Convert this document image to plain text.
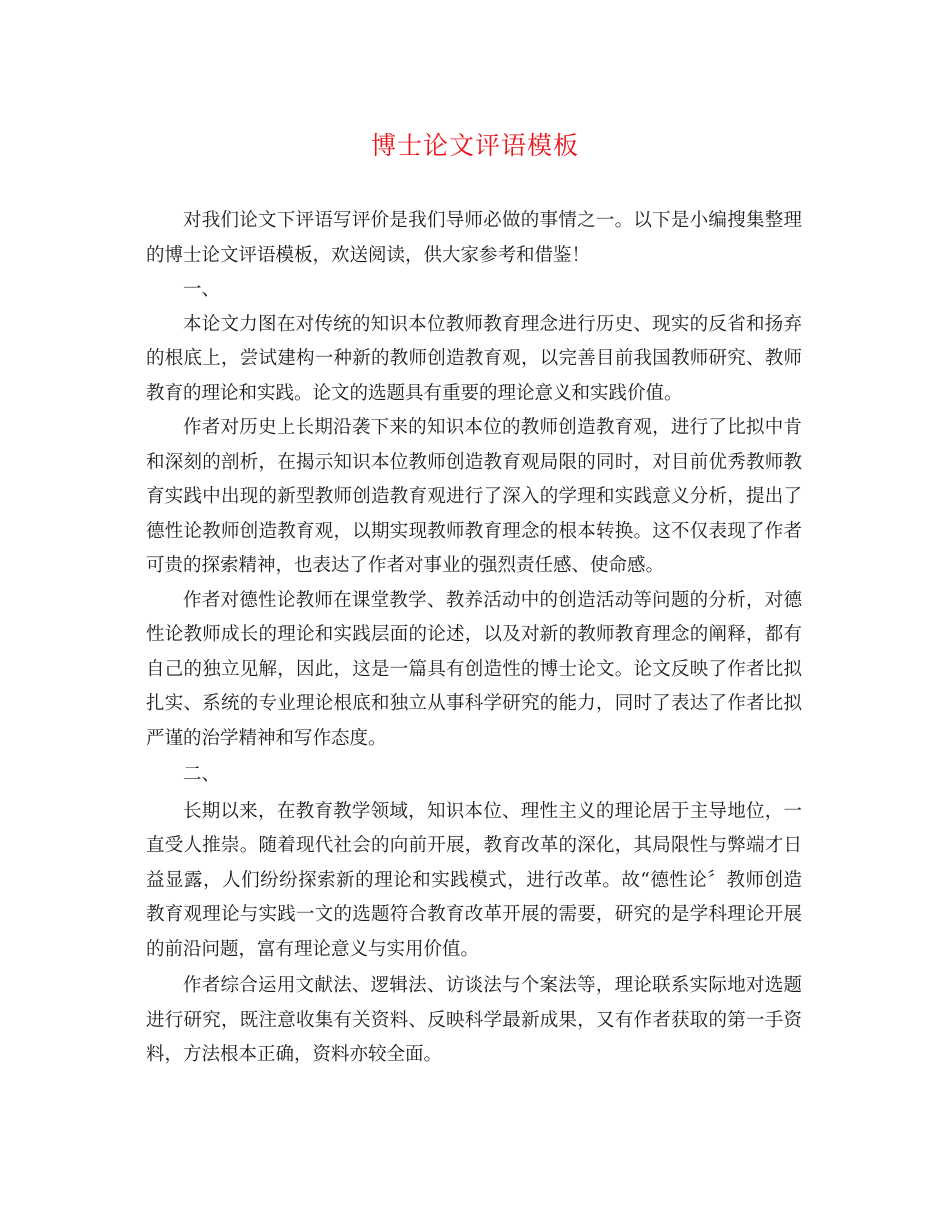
博士论文评语模板

对我们论文下评语写评价是我们导师必做的事情之一。以下是小编搜集整理的博士论文评语模板，欢送阅读，供大家参考和借鉴！

一、

本论文力图在对传统的知识本位教师教育理念进行历史、现实的反省和扬弃的根底上，尝试建构一种新的教师创造教育观，以完善目前我国教师研究、教师教育的理论和实践。论文的选题具有重要的理论意义和实践价值。

作者对历史上长期沿袭下来的知识本位的教师创造教育观，进行了比拟中肯和深刻的剖析，在揭示知识本位教师创造教育观局限的同时，对目前优秀教师教育实践中出现的新型教师创造教育观进行了深入的学理和实践意义分析，提出了德性论教师创造教育观，以期实现教师教育理念的根本转换。这不仅表现了作者可贵的探索精神，也表达了作者对事业的强烈责任感、使命感。

作者对德性论教师在课堂教学、教养活动中的创造活动等问题的分析，对德性论教师成长的理论和实践层面的论述，以及对新的教师教育理念的阐释，都有自己的独立见解，因此，这是一篇具有创造性的博士论文。论文反映了作者比拟扎实、系统的专业理论根底和独立从事科学研究的能力，同时了表达了作者比拟严谨的治学精神和写作态度。

二、

长期以来，在教育教学领域，知识本位、理性主义的理论居于主导地位，一直受人推崇。随着现代社会的向前开展，教育改革的深化，其局限性与弊端才日益显露，人们纷纷探索新的理论和实践模式，进行改革。故“德性论〞教师创造教育观理论与实践一文的选题符合教育改革开展的需要，研究的是学科理论开展的前沿问题，富有理论意义与实用价值。

作者综合运用文献法、逻辑法、访谈法与个案法等，理论联系实际地对选题进行研究，既注意收集有关资料、反映科学最新成果，又有作者获取的第一手资料，方法根本正确，资料亦较全面。
